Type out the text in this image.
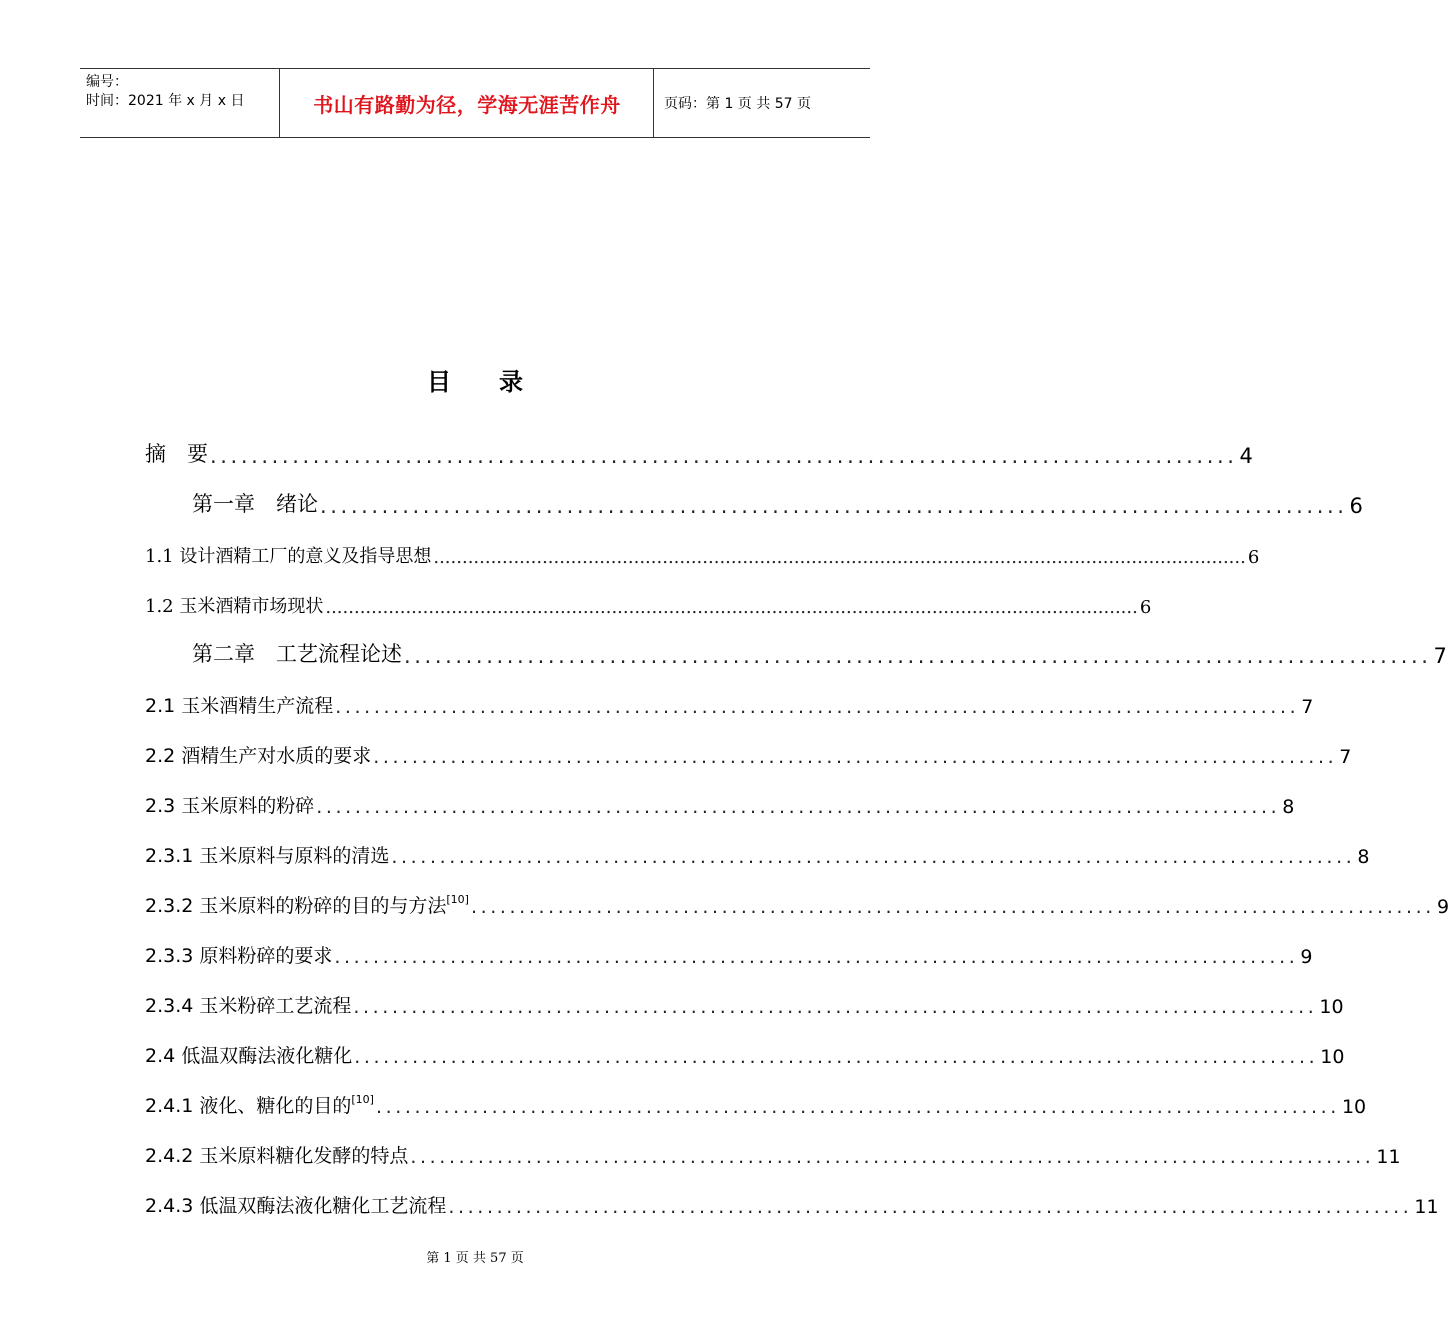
编号：
时间：2021 年 x 月 x 日	书山有路勤为径，学海无涯苦作舟	页码：第 1 页 共 57 页
目 录
摘　要 .................................................................................................... 4
第一章　绪论 .................................................................................................... 6
1.1 设计酒精工厂的意义及指导思想 .............................................................................................................................................. 6
1.2 玉米酒精市场现状 .............................................................................................................................................. 6
第二章　工艺流程论述 .................................................................................................... 7
2.1 玉米酒精生产流程 .................................................................................................... 7
2.2 酒精生产对水质的要求 .................................................................................................... 7
2.3 玉米原料的粉碎 .................................................................................................... 8
2.3.1 玉米原料与原料的清选 .................................................................................................... 8
2.3.2 玉米原料的粉碎的目的与方法[10] .................................................................................................... 9
2.3.3 原料粉碎的要求 .................................................................................................... 9
2.3.4 玉米粉碎工艺流程 .................................................................................................... 10
2.4 低温双酶法液化糖化 .................................................................................................... 10
2.4.1 液化、糖化的目的[10] .................................................................................................... 10
2.4.2 玉米原料糖化发酵的特点 .................................................................................................... 11
2.4.3 低温双酶法液化糖化工艺流程 .................................................................................................... 11
第 1 页 共 57 页
